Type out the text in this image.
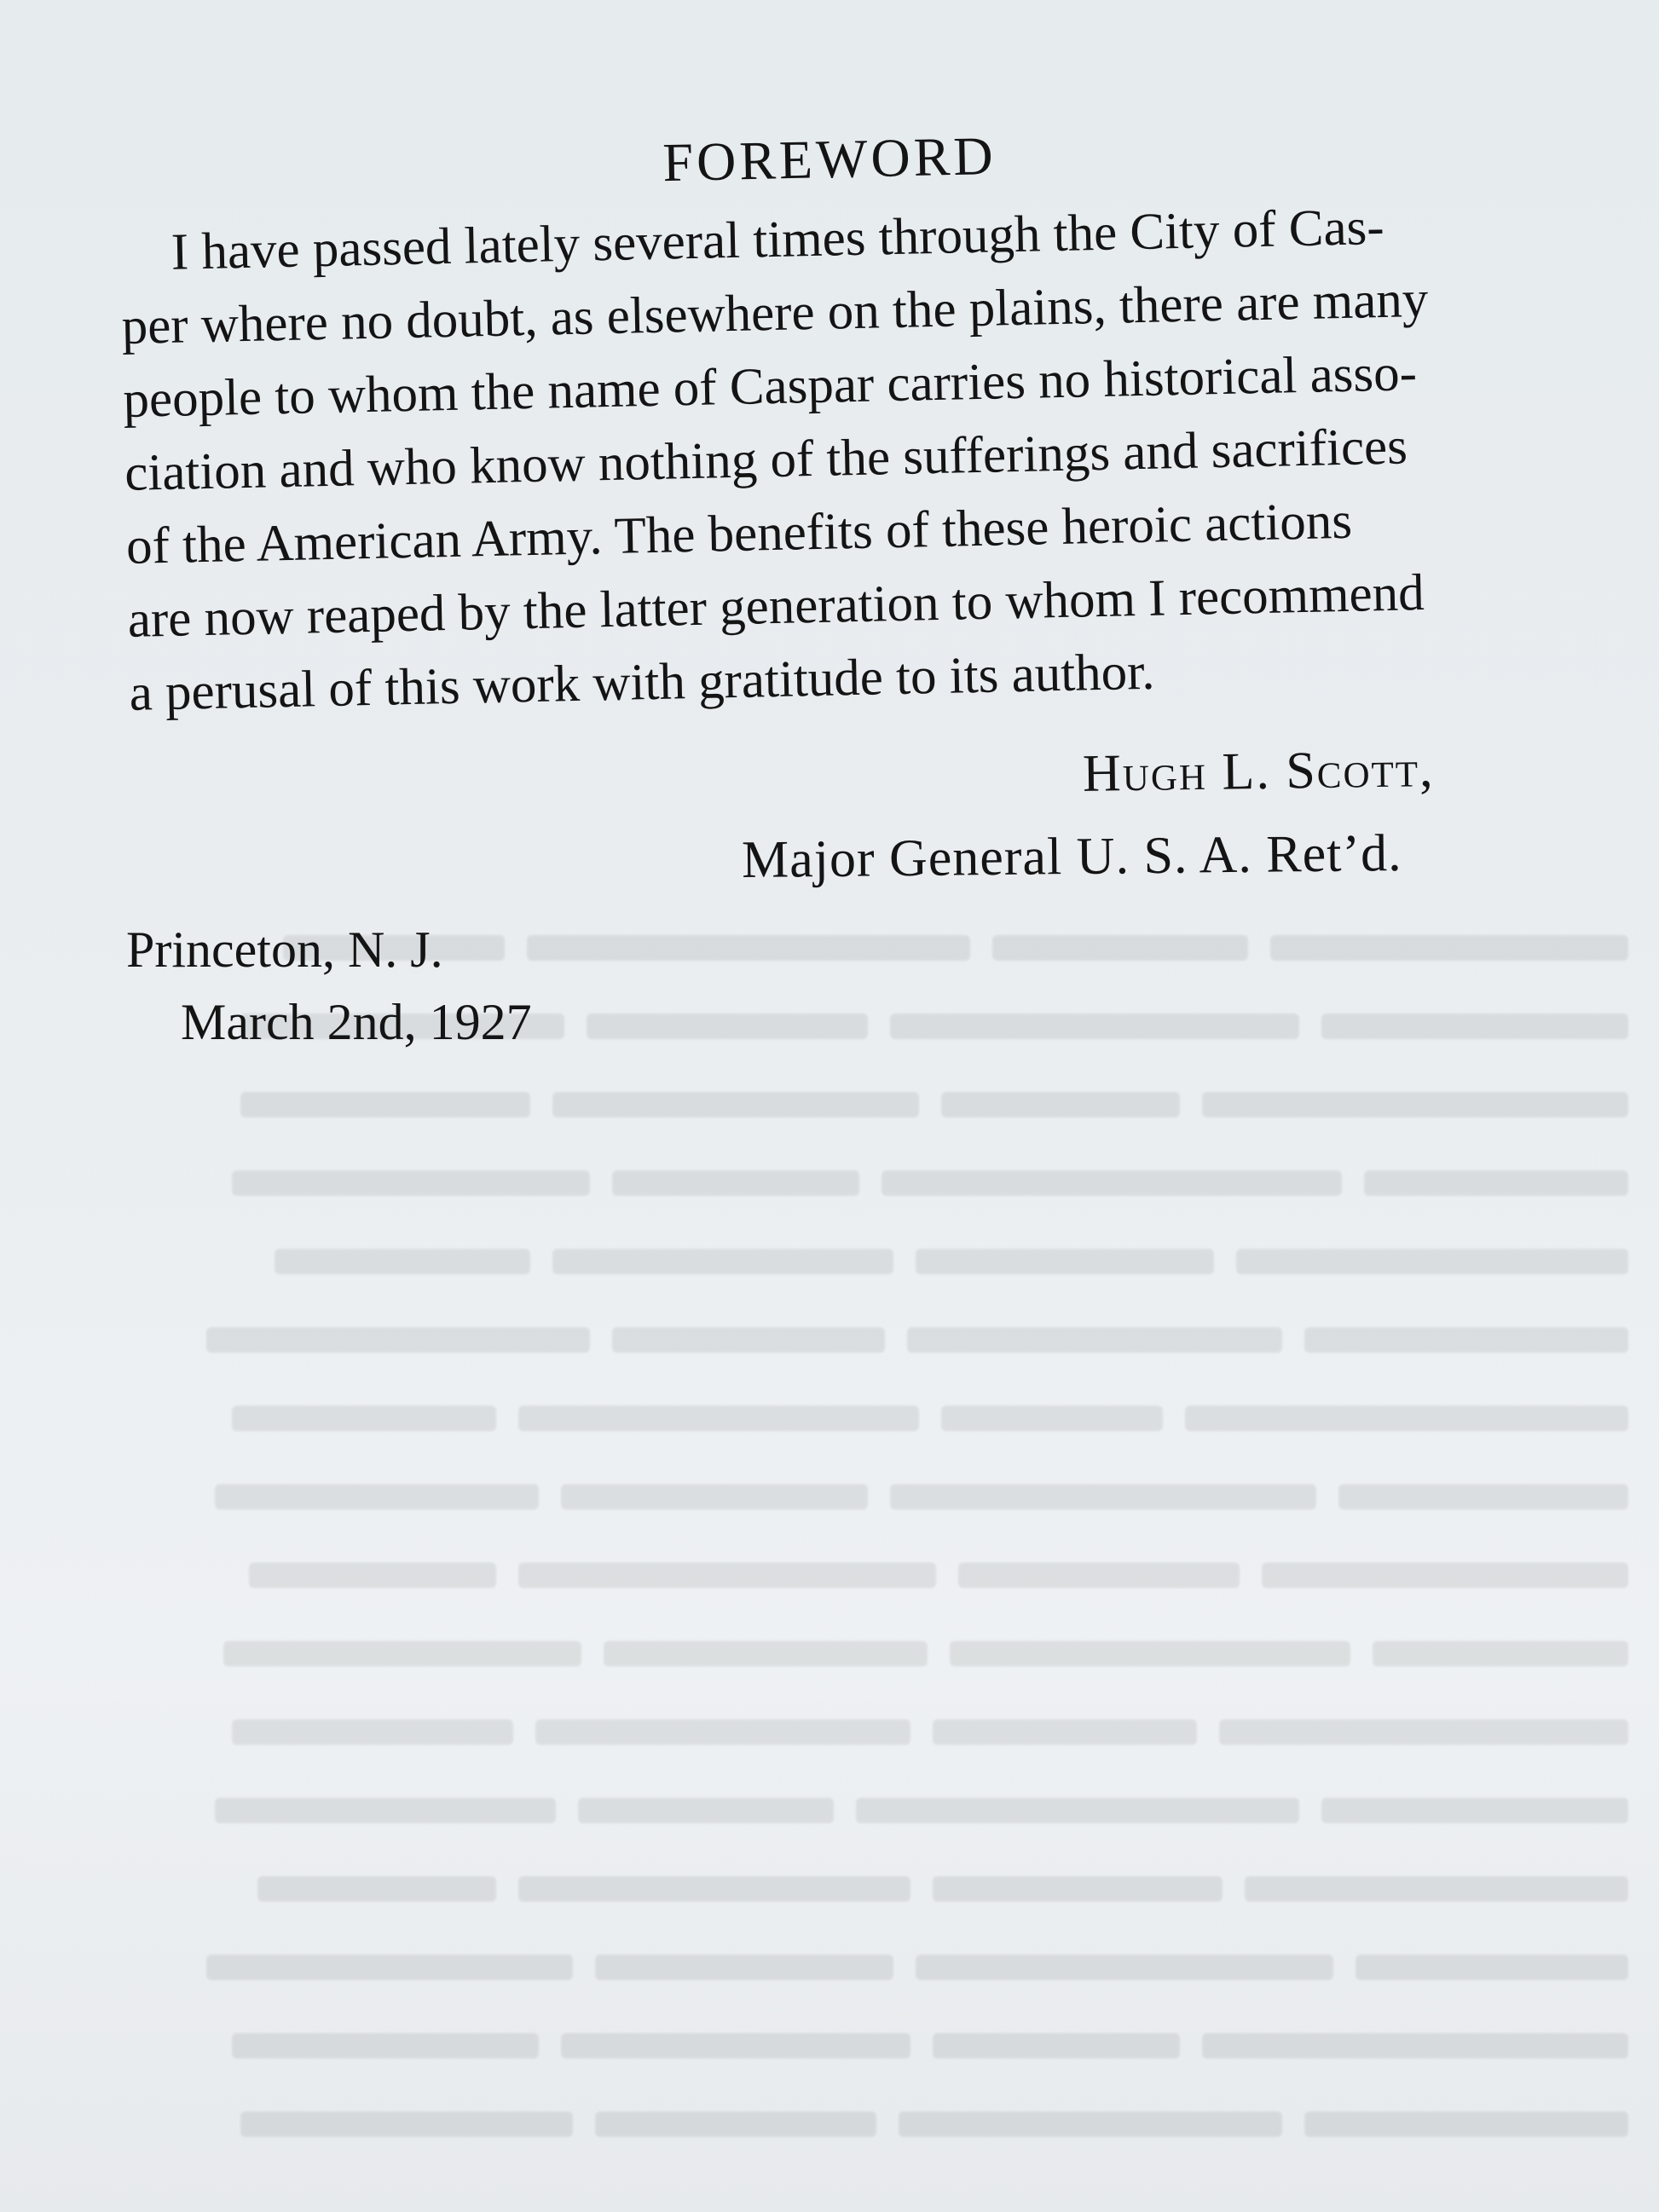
FOREWORD
I have passed lately several times through the City of Cas-
per where no doubt, as elsewhere on the plains, there are many
people to whom the name of Caspar carries no historical asso-
ciation and who know nothing of the sufferings and sacrifices
of the American Army. The benefits of these heroic actions
are now reaped by the latter generation to whom I recommend
a perusal of this work with gratitude to its author.
Hugh L. Scott,
Major General U. S. A. Ret’d.
Princeton, N. J.
March 2nd, 1927
